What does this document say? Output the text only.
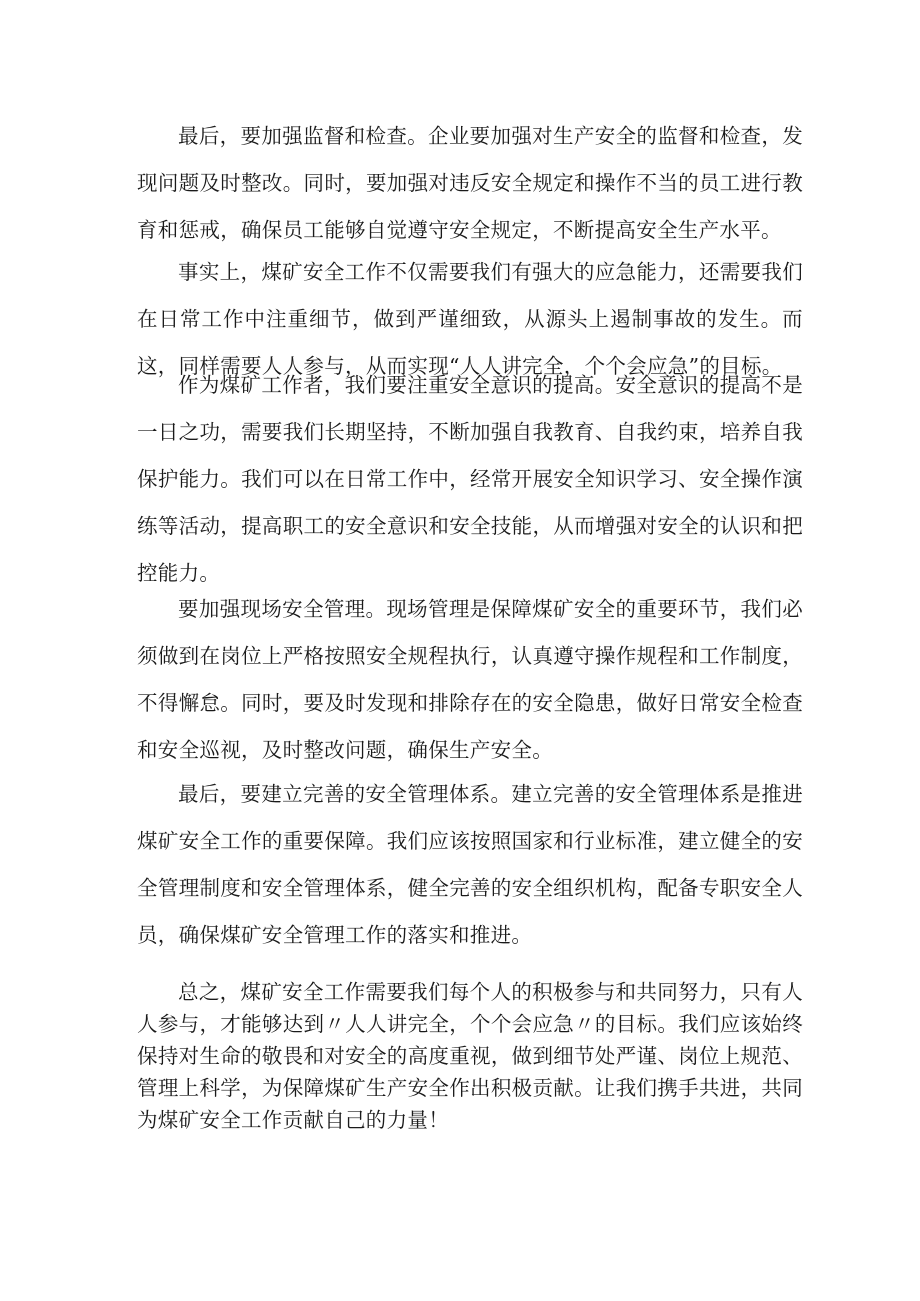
最后，要加强监督和检查。企业要加强对生产安全的监督和检查，发现问题及时整改。同时，要加强对违反安全规定和操作不当的员工进行教育和惩戒，确保员工能够自觉遵守安全规定，不断提高安全生产水平。

事实上，煤矿安全工作不仅需要我们有强大的应急能力，还需要我们在日常工作中注重细节，做到严谨细致，从源头上遏制事故的发生。而这，同样需要人人参与，从而实现“人人讲完全，个个会应急”的目标。

作为煤矿工作者，我们要注重安全意识的提高。安全意识的提高不是一日之功，需要我们长期坚持，不断加强自我教育、自我约束，培养自我保护能力。我们可以在日常工作中，经常开展安全知识学习、安全操作演练等活动，提高职工的安全意识和安全技能，从而增强对安全的认识和把控能力。

要加强现场安全管理。现场管理是保障煤矿安全的重要环节，我们必须做到在岗位上严格按照安全规程执行，认真遵守操作规程和工作制度，不得懈怠。同时，要及时发现和排除存在的安全隐患，做好日常安全检查和安全巡视，及时整改问题，确保生产安全。

最后，要建立完善的安全管理体系。建立完善的安全管理体系是推进煤矿安全工作的重要保障。我们应该按照国家和行业标准，建立健全的安全管理制度和安全管理体系，健全完善的安全组织机构，配备专职安全人员，确保煤矿安全管理工作的落实和推进。

总之，煤矿安全工作需要我们每个人的积极参与和共同努力，只有人人参与，才能够达到〃人人讲完全，个个会应急〃的目标。我们应该始终保持对生命的敬畏和对安全的高度重视，做到细节处严谨、岗位上规范、管理上科学，为保障煤矿生产安全作出积极贡献。让我们携手共进，共同为煤矿安全工作贡献自己的力量！
